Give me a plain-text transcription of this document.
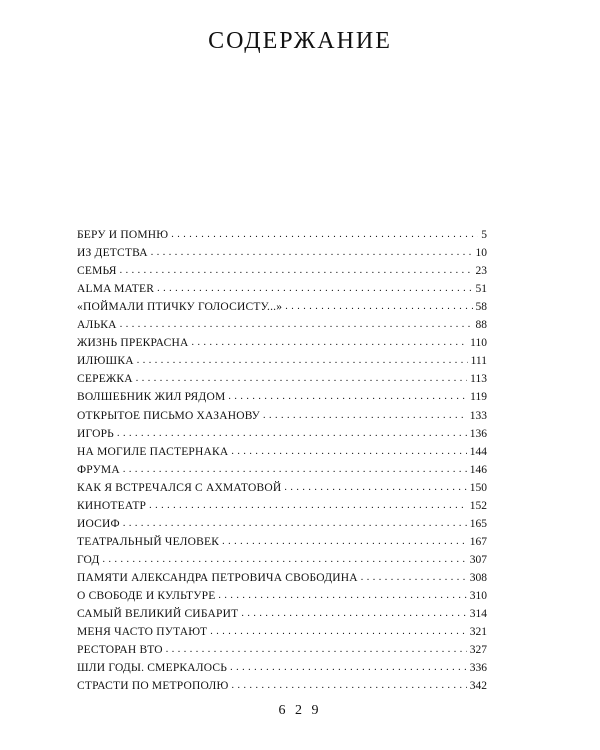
СОДЕРЖАНИЕ
БЕРУ И ПОМНЮ . . .	5
ИЗ ДЕТСТВА . . .	10
СЕМЬЯ . . .	23
ALMA MATER . . .	51
«ПОЙМАЛИ ПТИЧКУ ГОЛОСИСТУ...» . . .	58
АЛЬКА . . .	88
ЖИЗНЬ ПРЕКРАСНА . . .	110
ИЛЮШКА . . .	111
СЕРЕЖКА . . .	113
ВОЛШЕБНИК ЖИЛ РЯДОМ . . .	119
ОТКРЫТОЕ ПИСЬМО ХАЗАНОВУ . . .	133
ИГОРЬ . . .	136
НА МОГИЛЕ ПАСТЕРНАКА . . .	144
ФРУМА . . .	146
КАК Я ВСТРЕЧАЛСЯ С АХМАТОВОЙ . . .	150
КИНОТЕАТР . . .	152
ИОСИФ . . .	165
ТЕАТРАЛЬНЫЙ ЧЕЛОВЕК . . .	167
ГОД . . .	307
ПАМЯТИ АЛЕКСАНДРА ПЕТРОВИЧА СВОБОДИНА . . .	308
О СВОБОДЕ И КУЛЬТУРЕ . . .	310
САМЫЙ ВЕЛИКИЙ СИБАРИТ . . .	314
МЕНЯ ЧАСТО ПУТАЮТ . . .	321
РЕСТОРАН ВТО . . .	327
ШЛИ ГОДЫ. СМЕРКАЛОСЬ . . .	336
СТРАСТИ ПО МЕТРОПОЛЮ . . .	342
6 2 9
